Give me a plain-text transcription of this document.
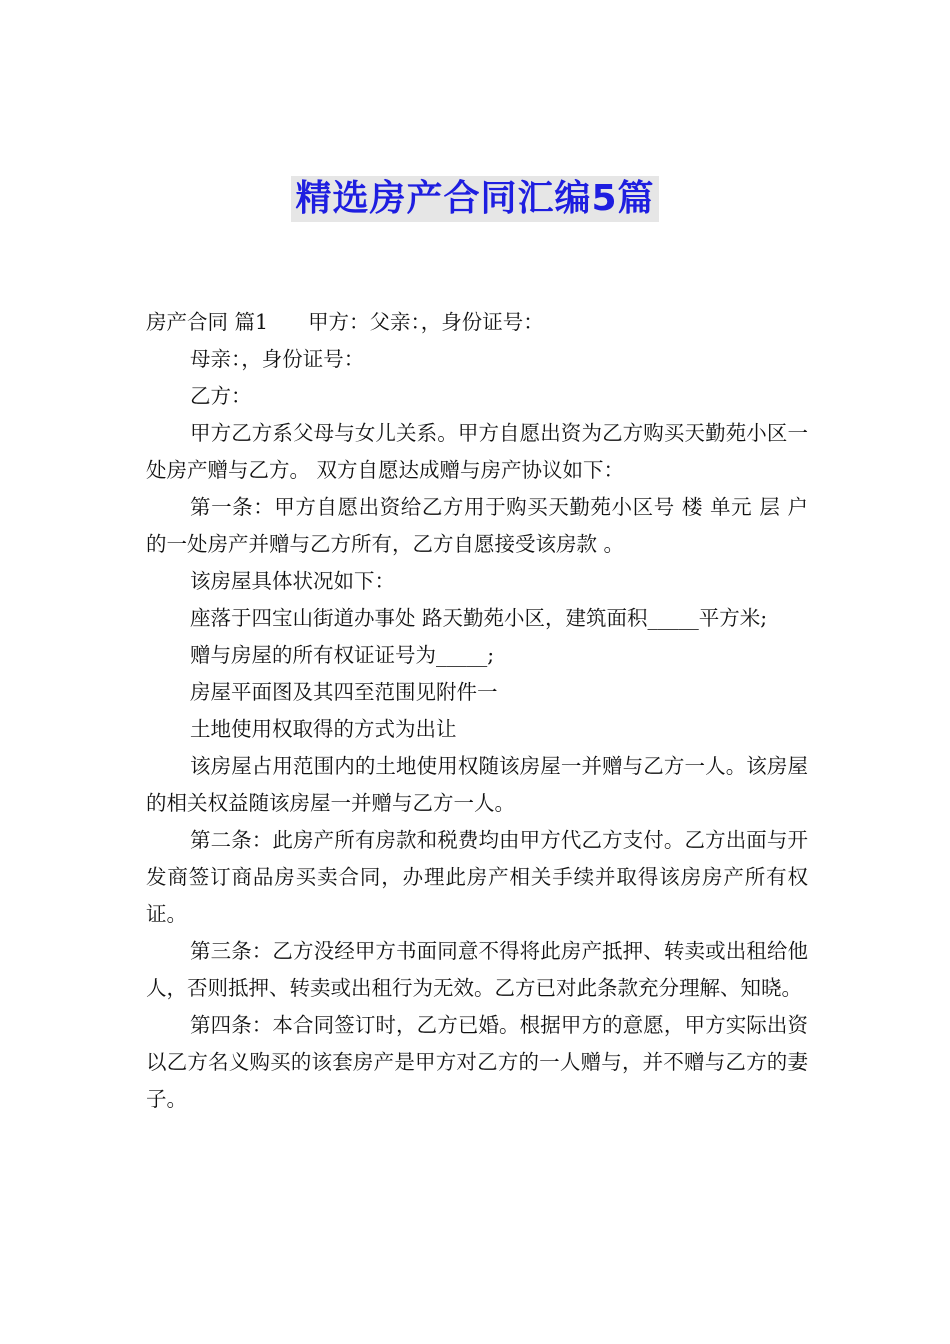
精选房产合同汇编5篇

房产合同 篇1 甲方：父亲：，身份证号：

母亲：，身份证号：

乙方：

甲方乙方系父母与女儿关系。甲方自愿出资为乙方购买天勤苑小区一处房产赠与乙方。 双方自愿达成赠与房产协议如下：

第一条：甲方自愿出资给乙方用于购买天勤苑小区号 楼 单元 层 户的一处房产并赠与乙方所有，乙方自愿接受该房款 。

该房屋具体状况如下：

座落于四宝山街道办事处 路天勤苑小区，建筑面积_____平方米;

赠与房屋的所有权证证号为_____;

房屋平面图及其四至范围见附件一

土地使用权取得的方式为出让

该房屋占用范围内的土地使用权随该房屋一并赠与乙方一人。该房屋的相关权益随该房屋一并赠与乙方一人。

第二条：此房产所有房款和税费均由甲方代乙方支付。乙方出面与开发商签订商品房买卖合同，办理此房产相关手续并取得该房房产所有权证。

第三条：乙方没经甲方书面同意不得将此房产抵押、转卖或出租给他人，否则抵押、转卖或出租行为无效。乙方已对此条款充分理解、知晓。

第四条：本合同签订时，乙方已婚。根据甲方的意愿，甲方实际出资以乙方名义购买的该套房产是甲方对乙方的一人赠与，并不赠与乙方的妻子。
